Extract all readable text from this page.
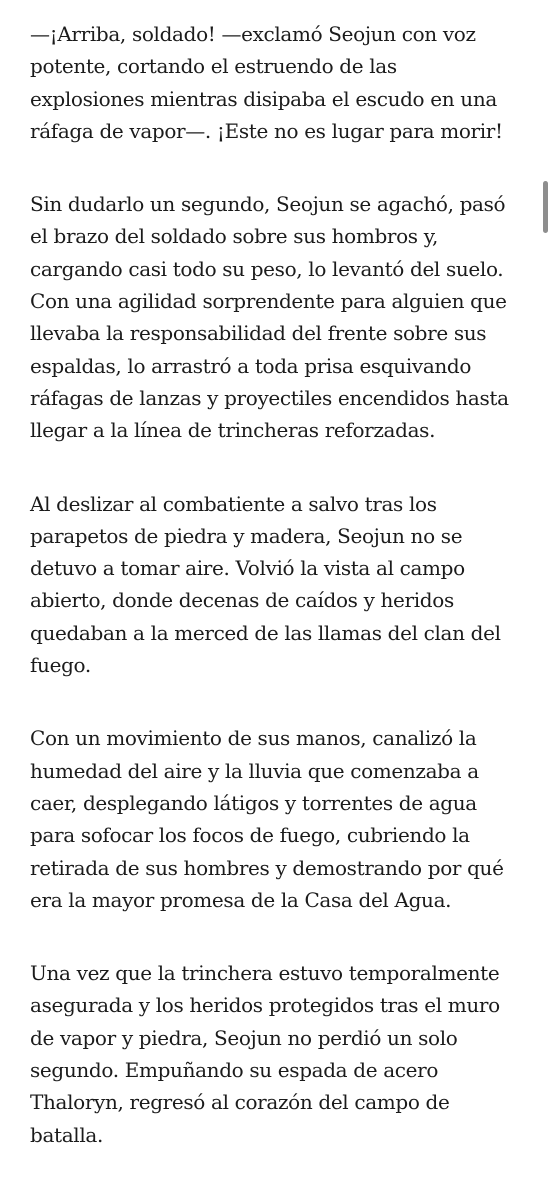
—¡Arriba, soldado! —exclamó Seojun con voz
potente, cortando el estruendo de las
explosiones mientras disipaba el escudo en una
ráfaga de vapor—. ¡Este no es lugar para morir!

Sin dudarlo un segundo, Seojun se agachó, pasó
el brazo del soldado sobre sus hombros y,
cargando casi todo su peso, lo levantó del suelo.
Con una agilidad sorprendente para alguien que
llevaba la responsabilidad del frente sobre sus
espaldas, lo arrastró a toda prisa esquivando
ráfagas de lanzas y proyectiles encendidos hasta
llegar a la línea de trincheras reforzadas.

Al deslizar al combatiente a salvo tras los
parapetos de piedra y madera, Seojun no se
detuvo a tomar aire. Volvió la vista al campo
abierto, donde decenas de caídos y heridos
quedaban a la merced de las llamas del clan del
fuego.

Con un movimiento de sus manos, canalizó la
humedad del aire y la lluvia que comenzaba a
caer, desplegando látigos y torrentes de agua
para sofocar los focos de fuego, cubriendo la
retirada de sus hombres y demostrando por qué
era la mayor promesa de la Casa del Agua.

Una vez que la trinchera estuvo temporalmente
asegurada y los heridos protegidos tras el muro
de vapor y piedra, Seojun no perdió un solo
segundo. Empuñando su espada de acero
Thaloryn, regresó al corazón del campo de
batalla.
